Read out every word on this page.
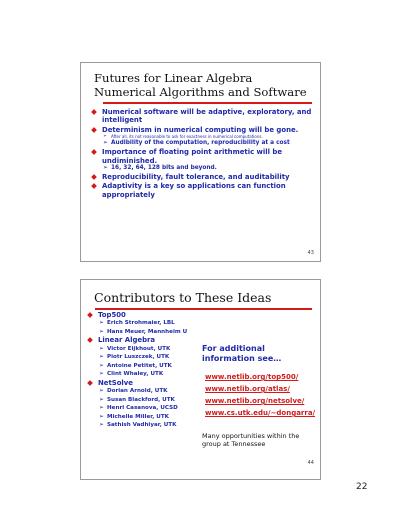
Futures for Linear Algebra Numerical Algorithms and Software
Numerical software will be adaptive, exploratory, and intelligent
Determinism in numerical computing will be gone.
➢ After all, its not reasonable to ask for exactness in numerical computations.
➢ Audibility of the computation, reproducibility at a cost
Importance of floating point arithmetic will be undiminished.
➢ 16, 32, 64, 128 bits and beyond.
Reproducibility, fault tolerance, and auditability
Adaptivity is a key so applications can function appropriately
43
Contributors to These Ideas
Top500
➢ Erich Strohmaier, LBL
➢ Hans Meuer, Mannheim U
Linear Algebra
➢ Victor Eijkhout, UTK
➢ Piotr Luszczek, UTK
➢ Antoine Petitet, UTK
➢ Clint Whaley, UTK
NetSolve
➢ Dorian Arnold, UTK
➢ Susan Blackford, UTK
➢ Henri Casanova, UCSD
➢ Michelle Miller, UTK
➢ Sathish Vadhiyar, UTK
For additional information see…
www.netlib.org/top500/
www.netlib.org/atlas/
www.netlib.org/netsolve/
www.cs.utk.edu/~dongarra/
Many opportunities within the group at Tennessee
44
22
